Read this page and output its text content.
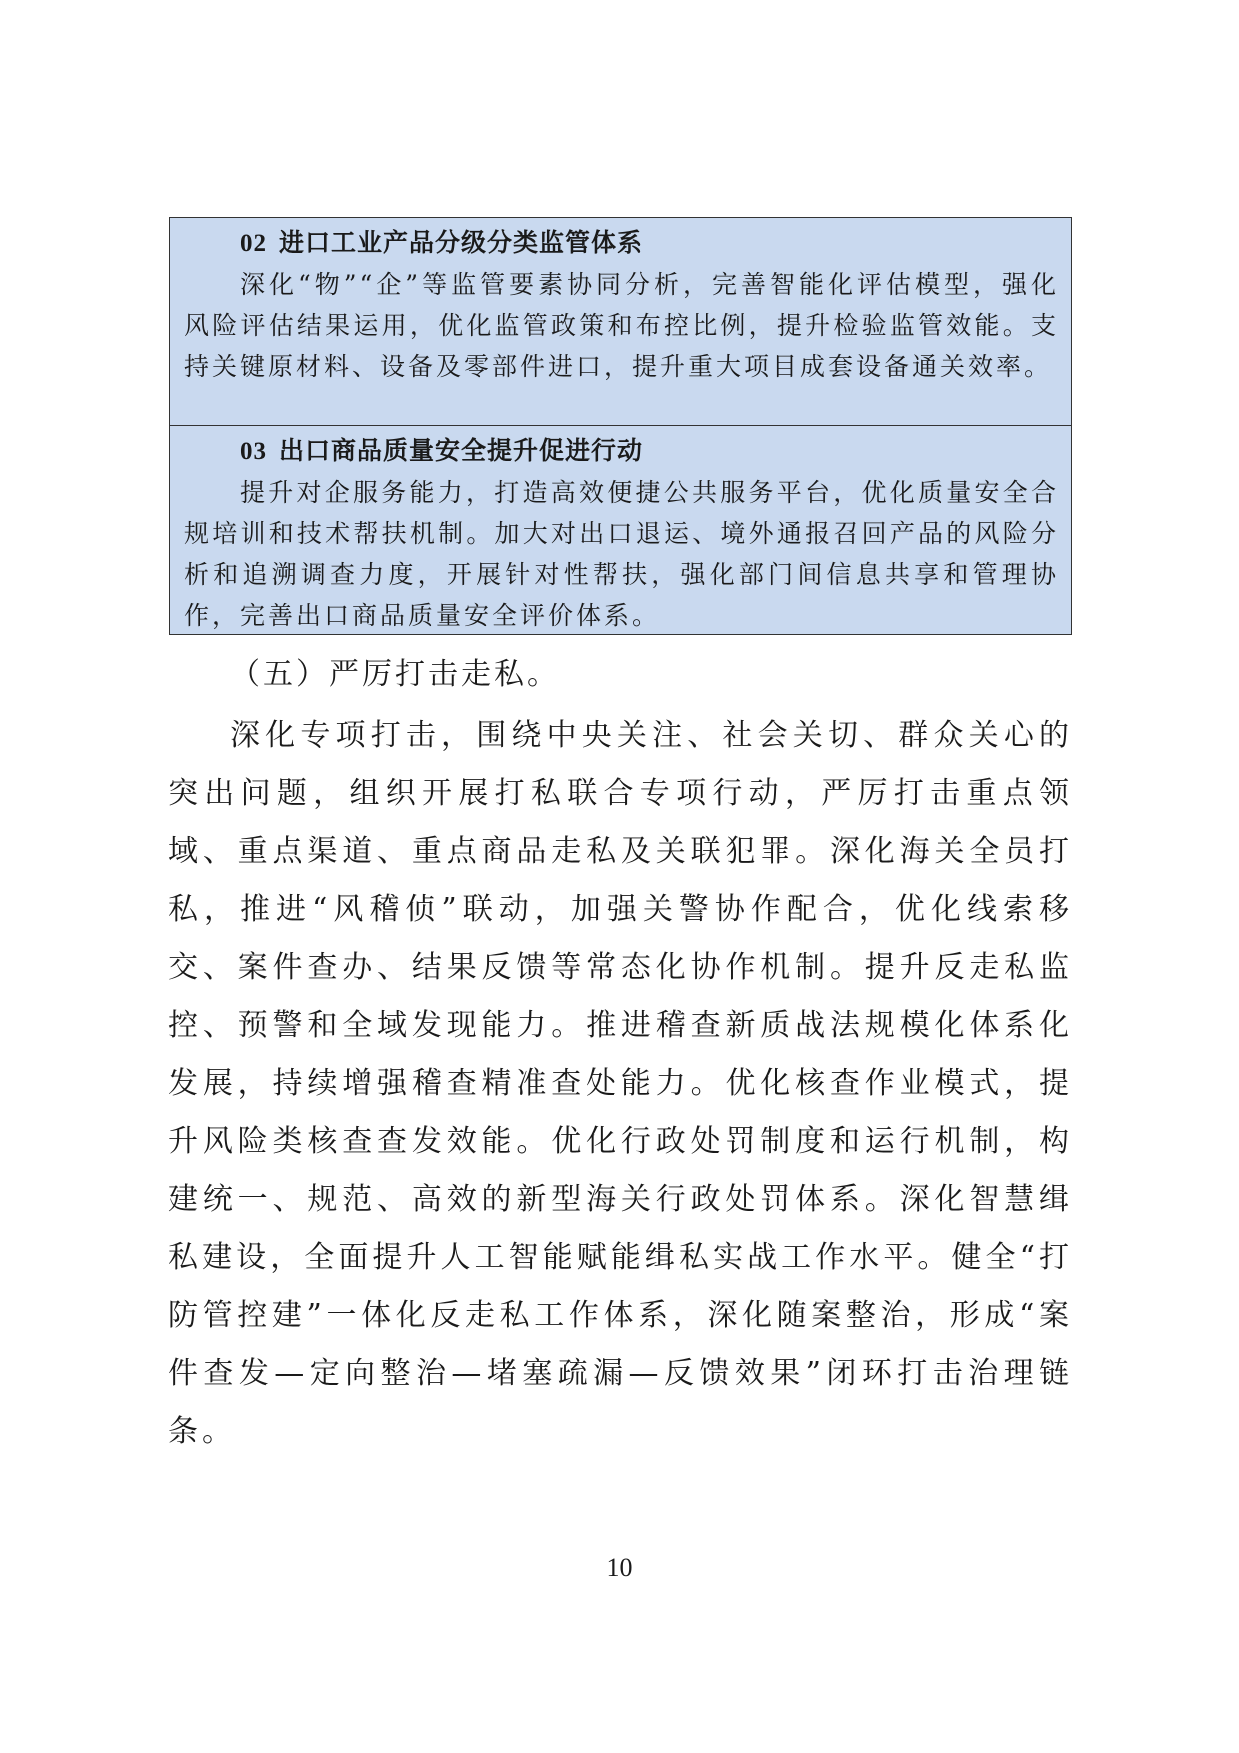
02 进口工业产品分级分类监管体系

深化“物”“企”等监管要素协同分析，完善智能化评估模型，强化风险评估结果运用，优化监管政策和布控比例，提升检验监管效能。支持关键原材料、设备及零部件进口，提升重大项目成套设备通关效率。

03 出口商品质量安全提升促进行动

提升对企服务能力，打造高效便捷公共服务平台，优化质量安全合规培训和技术帮扶机制。加大对出口退运、境外通报召回产品的风险分析和追溯调查力度，开展针对性帮扶，强化部门间信息共享和管理协作，完善出口商品质量安全评价体系。

（五）严厉打击走私。

深化专项打击，围绕中央关注、社会关切、群众关心的突出问题，组织开展打私联合专项行动，严厉打击重点领域、重点渠道、重点商品走私及关联犯罪。深化海关全员打私，推进“风稽侦”联动，加强关警协作配合，优化线索移交、案件查办、结果反馈等常态化协作机制。提升反走私监控、预警和全域发现能力。推进稽查新质战法规模化体系化发展，持续增强稽查精准查处能力。优化核查作业模式，提升风险类核查查发效能。优化行政处罚制度和运行机制，构建统一、规范、高效的新型海关行政处罚体系。深化智慧缉私建设，全面提升人工智能赋能缉私实战工作水平。健全“打防管控建”一体化反走私工作体系，深化随案整治，形成“案件查发—定向整治—堵塞疏漏—反馈效果”闭环打击治理链条。

10
